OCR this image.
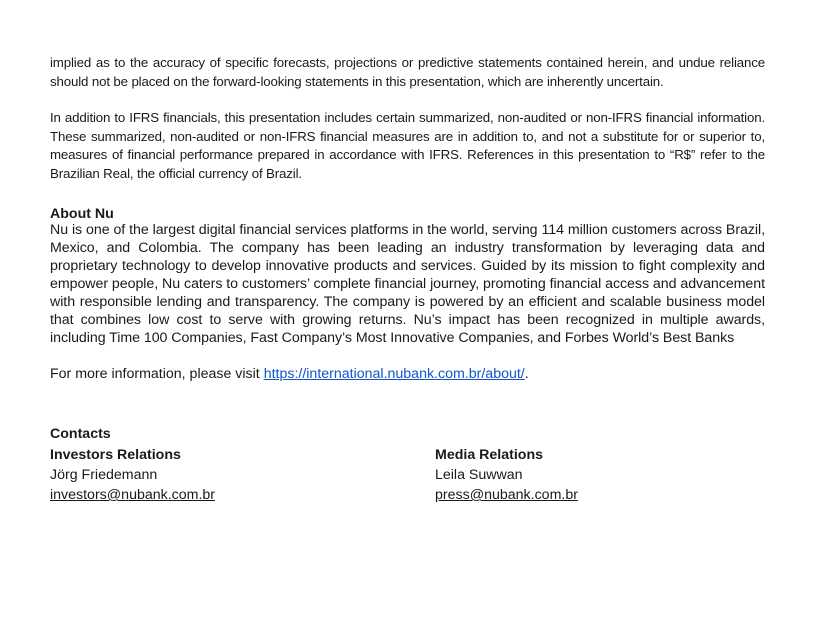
implied as to the accuracy of specific forecasts, projections or predictive statements contained herein, and undue reliance should not be placed on the forward-looking statements in this presentation, which are inherently uncertain.

In addition to IFRS financials, this presentation includes certain summarized, non-audited or non-IFRS financial information. These summarized, non-audited or non-IFRS financial measures are in addition to, and not a substitute for or superior to, measures of financial performance prepared in accordance with IFRS. References in this presentation to “R$” refer to the Brazilian Real, the official currency of Brazil.

About Nu

Nu is one of the largest digital financial services platforms in the world, serving 114 million customers across Brazil, Mexico, and Colombia. The company has been leading an industry transformation by leveraging data and proprietary technology to develop innovative products and services. Guided by its mission to fight complexity and empower people, Nu caters to customers’ complete financial journey, promoting financial access and advancement with responsible lending and transparency. The company is powered by an efficient and scalable business model that combines low cost to serve with growing returns. Nu’s impact has been recognized in multiple awards, including Time 100 Companies, Fast Company’s Most Innovative Companies, and Forbes World’s Best Banks

For more information, please visit https://international.nubank.com.br/about/.

Contacts

Investors Relations

Jörg Friedemann

investors@nubank.com.br

Media Relations

Leila Suwwan

press@nubank.com.br
